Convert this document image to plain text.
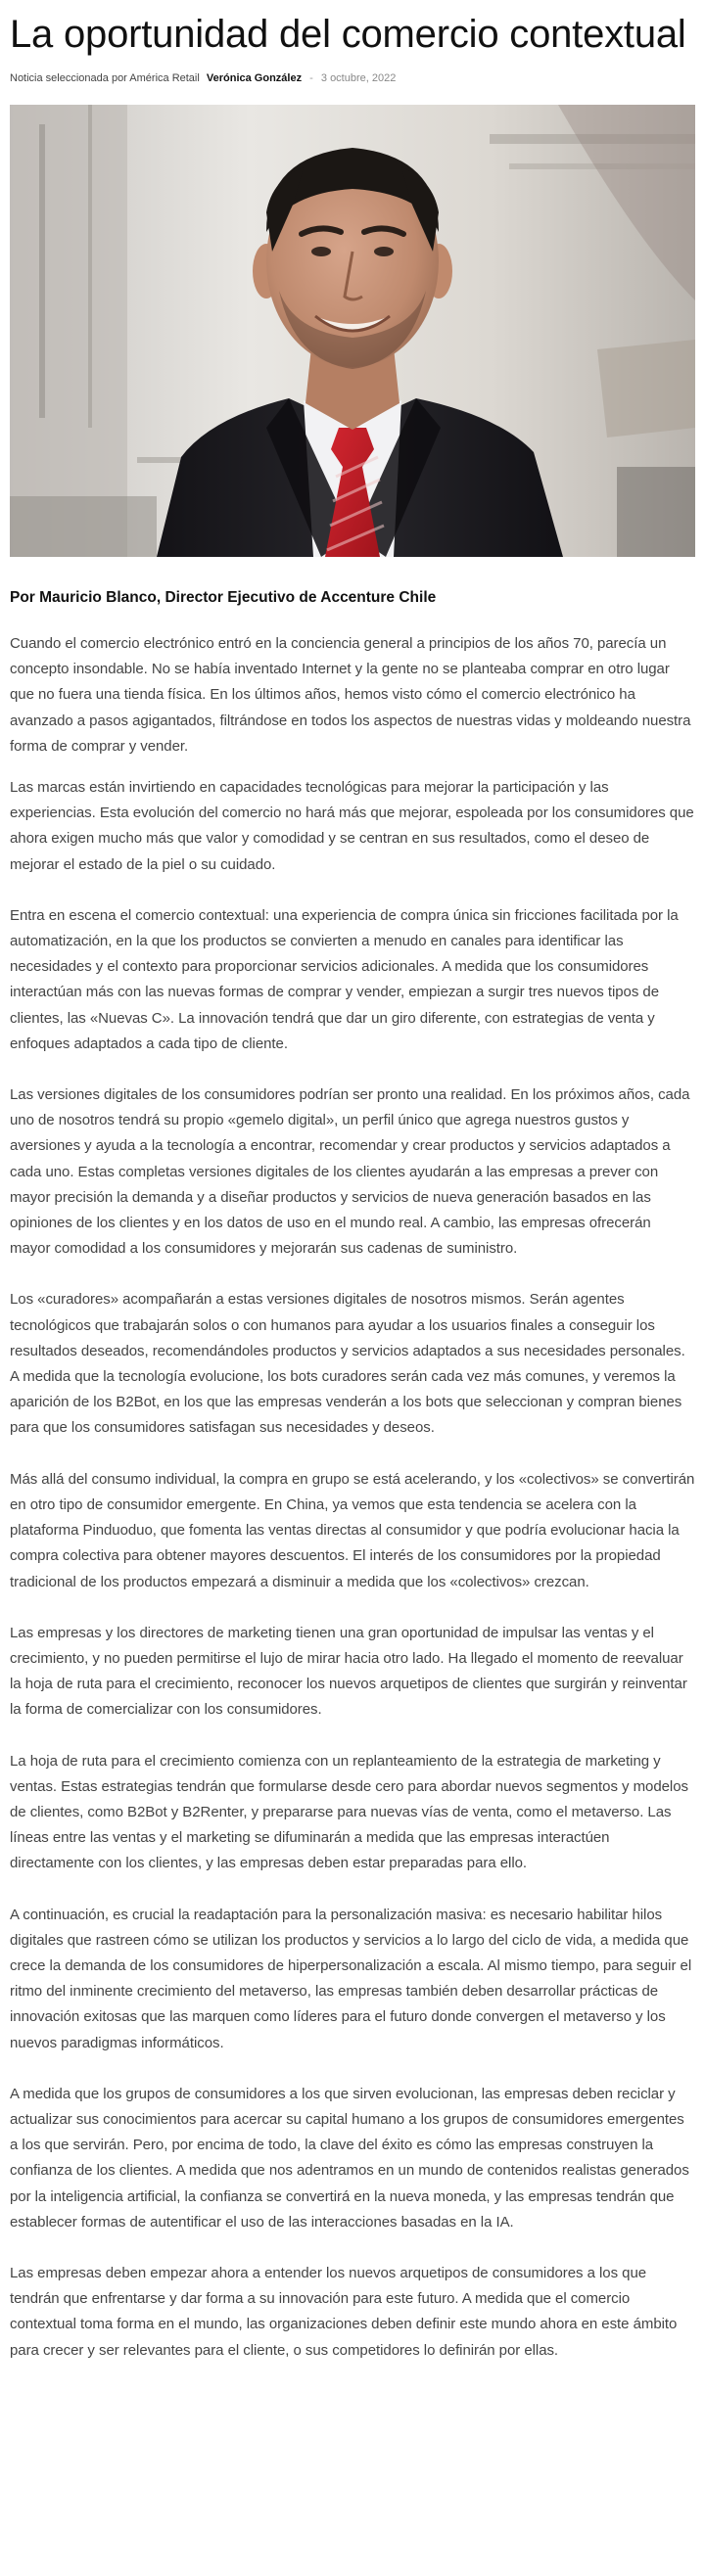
La oportunidad del comercio contextual
Noticia seleccionada por América Retail Verónica González - 3 octubre, 2022
Por Mauricio Blanco, Director Ejecutivo de Accenture Chile

Cuando el comercio electrónico entró en la conciencia general a principios de los años 70, parecía un concepto insondable. No se había inventado Internet y la gente no se planteaba comprar en otro lugar que no fuera una tienda física. En los últimos años, hemos visto cómo el comercio electrónico ha avanzado a pasos agigantados, filtrándose en todos los aspectos de nuestras vidas y moldeando nuestra forma de comprar y vender.

Las marcas están invirtiendo en capacidades tecnológicas para mejorar la participación y las experiencias. Esta evolución del comercio no hará más que mejorar, espoleada por los consumidores que ahora exigen mucho más que valor y comodidad y se centran en sus resultados, como el deseo de mejorar el estado de la piel o su cuidado.

Entra en escena el comercio contextual: una experiencia de compra única sin fricciones facilitada por la automatización, en la que los productos se convierten a menudo en canales para identificar las necesidades y el contexto para proporcionar servicios adicionales. A medida que los consumidores interactúan más con las nuevas formas de comprar y vender, empiezan a surgir tres nuevos tipos de clientes, las «Nuevas C». La innovación tendrá que dar un giro diferente, con estrategias de venta y enfoques adaptados a cada tipo de cliente.

Las versiones digitales de los consumidores podrían ser pronto una realidad. En los próximos años, cada uno de nosotros tendrá su propio «gemelo digital», un perfil único que agrega nuestros gustos y aversiones y ayuda a la tecnología a encontrar, recomendar y crear productos y servicios adaptados a cada uno. Estas completas versiones digitales de los clientes ayudarán a las empresas a prever con mayor precisión la demanda y a diseñar productos y servicios de nueva generación basados en las opiniones de los clientes y en los datos de uso en el mundo real. A cambio, las empresas ofrecerán mayor comodidad a los consumidores y mejorarán sus cadenas de suministro.

Los «curadores» acompañarán a estas versiones digitales de nosotros mismos. Serán agentes tecnológicos que trabajarán solos o con humanos para ayudar a los usuarios finales a conseguir los resultados deseados, recomendándoles productos y servicios adaptados a sus necesidades personales. A medida que la tecnología evolucione, los bots curadores serán cada vez más comunes, y veremos la aparición de los B2Bot, en los que las empresas venderán a los bots que seleccionan y compran bienes para que los consumidores satisfagan sus necesidades y deseos.

Más allá del consumo individual, la compra en grupo se está acelerando, y los «colectivos» se convertirán en otro tipo de consumidor emergente. En China, ya vemos que esta tendencia se acelera con la plataforma Pinduoduo, que fomenta las ventas directas al consumidor y que podría evolucionar hacia la compra colectiva para obtener mayores descuentos. El interés de los consumidores por la propiedad tradicional de los productos empezará a disminuir a medida que los «colectivos» crezcan.

Las empresas y los directores de marketing tienen una gran oportunidad de impulsar las ventas y el crecimiento, y no pueden permitirse el lujo de mirar hacia otro lado. Ha llegado el momento de reevaluar la hoja de ruta para el crecimiento, reconocer los nuevos arquetipos de clientes que surgirán y reinventar la forma de comercializar con los consumidores.

La hoja de ruta para el crecimiento comienza con un replanteamiento de la estrategia de marketing y ventas. Estas estrategias tendrán que formularse desde cero para abordar nuevos segmentos y modelos de clientes, como B2Bot y B2Renter, y prepararse para nuevas vías de venta, como el metaverso. Las líneas entre las ventas y el marketing se difuminarán a medida que las empresas interactúen directamente con los clientes, y las empresas deben estar preparadas para ello.

A continuación, es crucial la readaptación para la personalización masiva: es necesario habilitar hilos digitales que rastreen cómo se utilizan los productos y servicios a lo largo del ciclo de vida, a medida que crece la demanda de los consumidores de hiperpersonalización a escala. Al mismo tiempo, para seguir el ritmo del inminente crecimiento del metaverso, las empresas también deben desarrollar prácticas de innovación exitosas que las marquen como líderes para el futuro donde convergen el metaverso y los nuevos paradigmas informáticos.

A medida que los grupos de consumidores a los que sirven evolucionan, las empresas deben reciclar y actualizar sus conocimientos para acercar su capital humano a los grupos de consumidores emergentes a los que servirán. Pero, por encima de todo, la clave del éxito es cómo las empresas construyen la confianza de los clientes. A medida que nos adentramos en un mundo de contenidos realistas generados por la inteligencia artificial, la confianza se convertirá en la nueva moneda, y las empresas tendrán que establecer formas de autentificar el uso de las interacciones basadas en la IA.

Las empresas deben empezar ahora a entender los nuevos arquetipos de consumidores a los que tendrán que enfrentarse y dar forma a su innovación para este futuro. A medida que el comercio contextual toma forma en el mundo, las organizaciones deben definir este mundo ahora en este ámbito para crecer y ser relevantes para el cliente, o sus competidores lo definirán por ellas.
